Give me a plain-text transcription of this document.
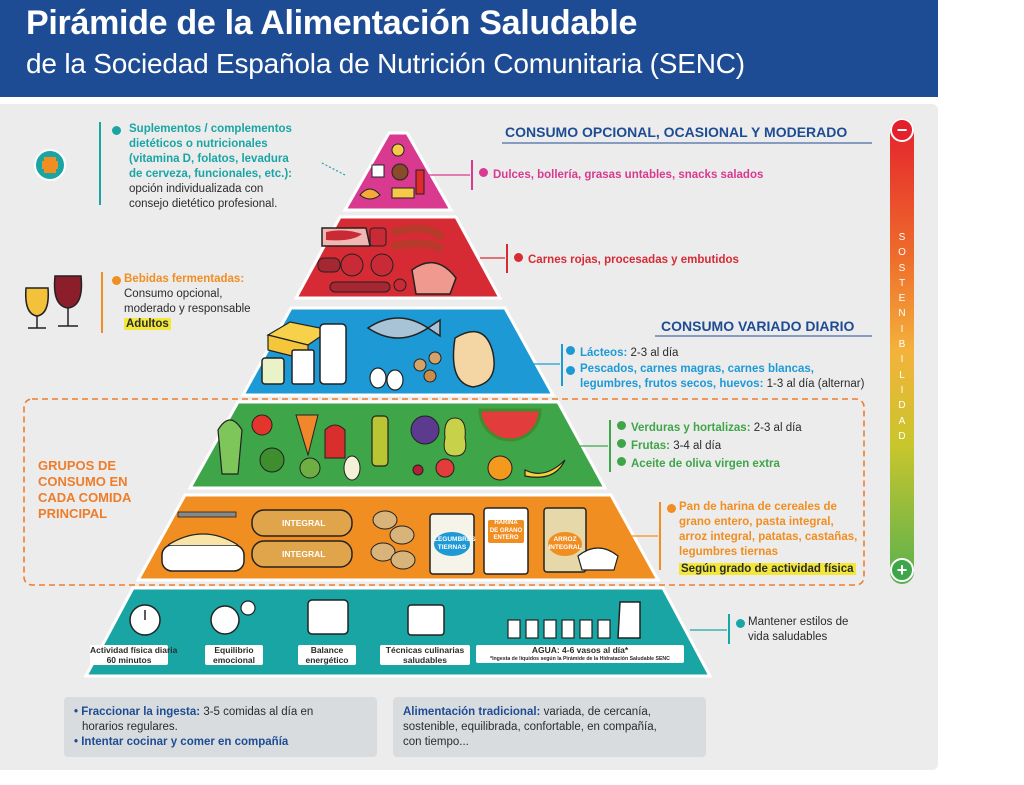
Pirámide de la Alimentación Saludable
de la Sociedad Española de Nutrición Comunitaria (SENC)
−
+
S
O
S
T
E
N
I
B
I
L
I
D
A
D
CONSUMO OPCIONAL, OCASIONAL Y MODERADO
CONSUMO VARIADO DIARIO
GRUPOS DE
CONSUMO EN
CADA COMIDA
PRINCIPAL
Suplementos / complementos
dietéticos o nutricionales
(vitamina D, folatos, levadura
de cerveza, funcionales, etc.):
opción individualizada con
consejo dietético profesional.
Bebidas fermentadas:
Consumo opcional,
moderado y responsable
Adultos
Dulces, bollería, grasas untables, snacks salados
Carnes rojas, procesadas y embutidos
Lácteos: 2-3 al día
Pescados, carnes magras, carnes blancas,
legumbres, frutos secos, huevos: 1-3 al día (alternar)
Verduras y hortalizas: 2-3 al día
Frutas: 3-4 al día
Aceite de oliva virgen extra
Pan de harina de cereales de
grano entero, pasta integral,
arroz integral, patatas, castañas,
legumbres tiernas
Según grado de actividad física
Mantener estilos de
vida saludables
INTEGRAL
INTEGRAL
LEGUMBRES
TIERNAS
HARINA
DE GRANO
ENTERO	ARROZ
INTEGRAL
Actividad física diaria
60 minutos
Equilibrio
emocional
Balance
energético
Técnicas culinarias
saludables
AGUA: 4-6 vasos al día*
*Ingesta de líquidos según la Pirámide de la Hidratación Saludable SENC
• Fraccionar la ingesta: 3-5 comidas al día en
horarios regulares.
• Intentar cocinar y comer en compañía
Alimentación tradicional: variada, de cercanía,
sostenible, equilibrada, confortable, en compañía,
con tiempo...
